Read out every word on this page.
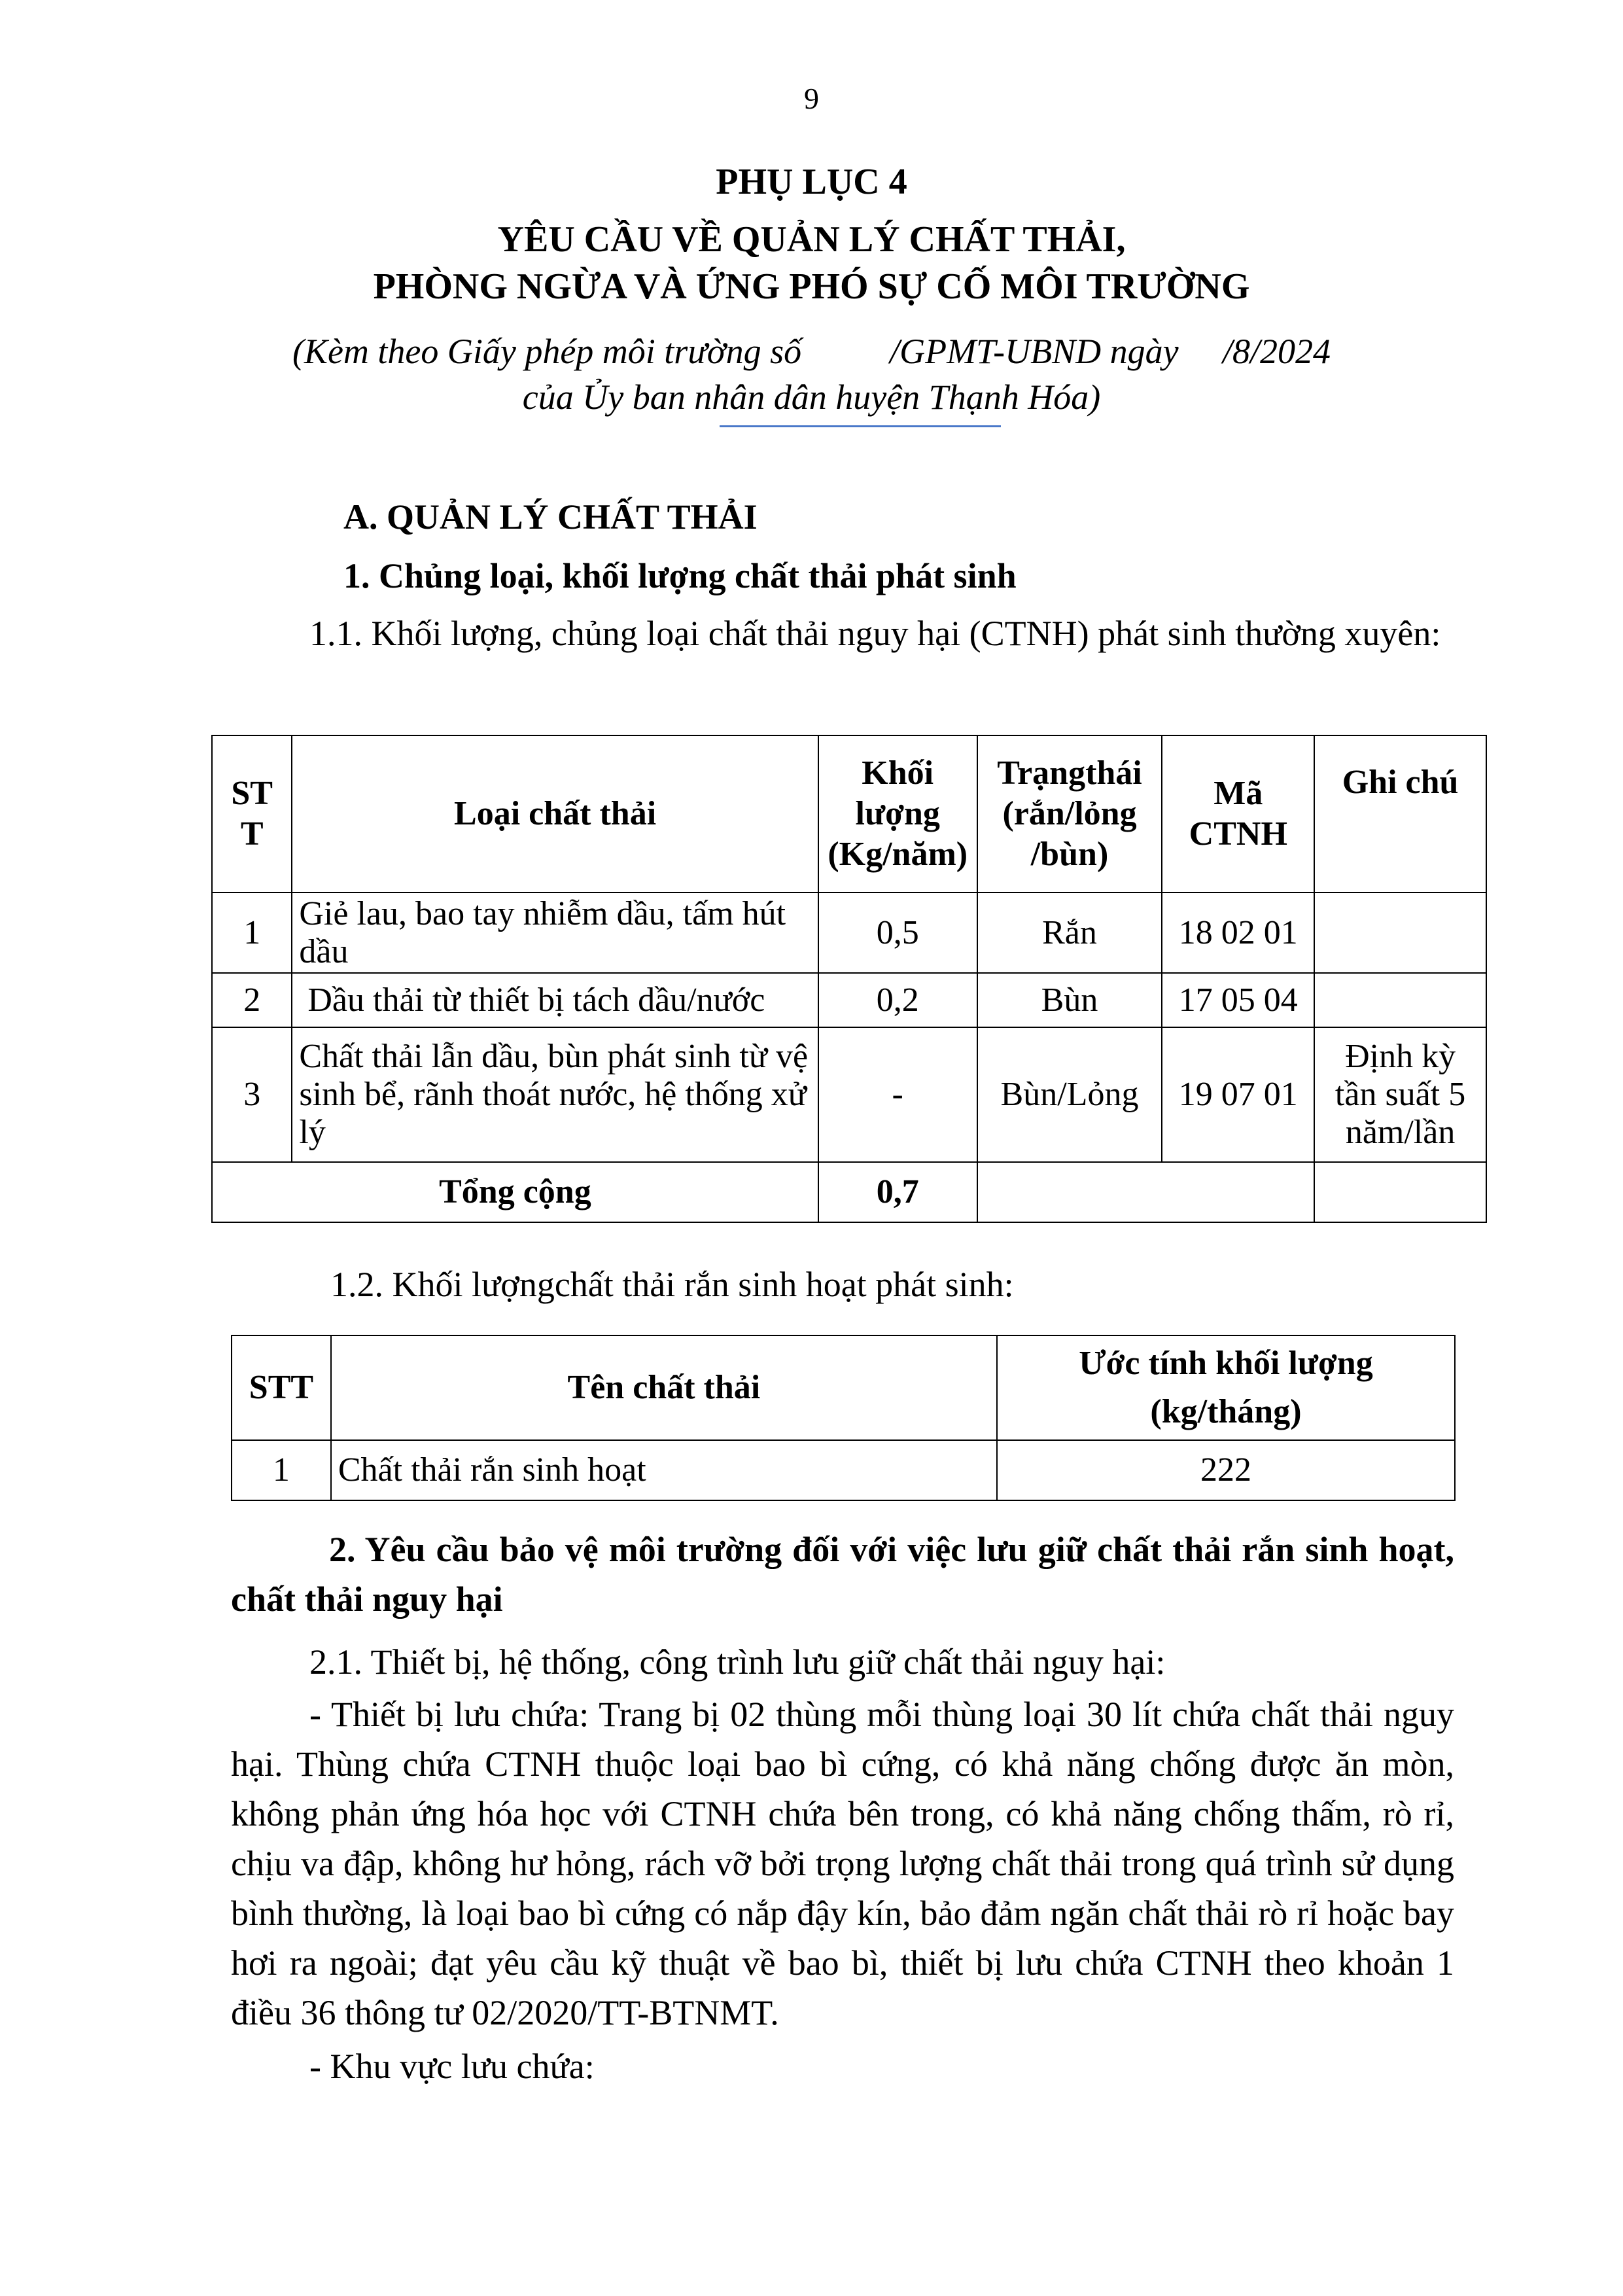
9
PHỤ LỤC 4
YÊU CẦU VỀ QUẢN LÝ CHẤT THẢI,
PHÒNG NGỪA VÀ ỨNG PHÓ SỰ CỐ MÔI TRƯỜNG
(Kèm theo Giấy phép môi trường số          /GPMT-UBND ngày     /8/2024
của Ủy ban nhân dân huyện Thạnh Hóa)
A. QUẢN LÝ CHẤT THẢI
1. Chủng loại, khối lượng chất thải phát sinh
1.1. Khối lượng, chủng loại chất thải nguy hại (CTNH) phát sinh thường xuyên:
ST T	Loại chất thải	Khối lượng (Kg/năm)	Trạngthái (rắn/lỏng /bùn)	Mã CTNH	Ghi chú
1	Giẻ lau, bao tay nhiễm dầu, tấm hút dầu	0,5	Rắn	18 02 01	
2	Dầu thải từ thiết bị tách dầu/nước	0,2	Bùn	17 05 04	
3	Chất thải lẫn dầu, bùn phát sinh từ vệ sinh bể, rãnh thoát nước, hệ thống xử lý	-	Bùn/Lỏng	19 07 01	Định kỳ tần suất 5 năm/lần
Tổng cộng		0,7			
1.2. Khối lượngchất thải rắn sinh hoạt phát sinh:
STT	Tên chất thải	Ước tính khối lượng (kg/tháng)
1	Chất thải rắn sinh hoạt	222
2. Yêu cầu bảo vệ môi trường đối với việc lưu giữ chất thải rắn sinh hoạt, chất thải nguy hại
2.1. Thiết bị, hệ thống, công trình lưu giữ chất thải nguy hại:
- Thiết bị lưu chứa: Trang bị 02 thùng mỗi thùng loại 30 lít chứa chất thải nguy hại. Thùng chứa CTNH thuộc loại bao bì cứng, có khả năng chống được ăn mòn, không phản ứng hóa học với CTNH chứa bên trong, có khả năng chống thấm, rò rỉ, chịu va đập, không hư hỏng, rách vỡ bởi trọng lượng chất thải trong quá trình sử dụng bình thường, là loại bao bì cứng có nắp đậy kín, bảo đảm ngăn chất thải rò rỉ hoặc bay hơi ra ngoài; đạt yêu cầu kỹ thuật về bao bì, thiết bị lưu chứa CTNH theo khoản 1 điều 36 thông tư 02/2020/TT-BTNMT.
- Khu vực lưu chứa:
